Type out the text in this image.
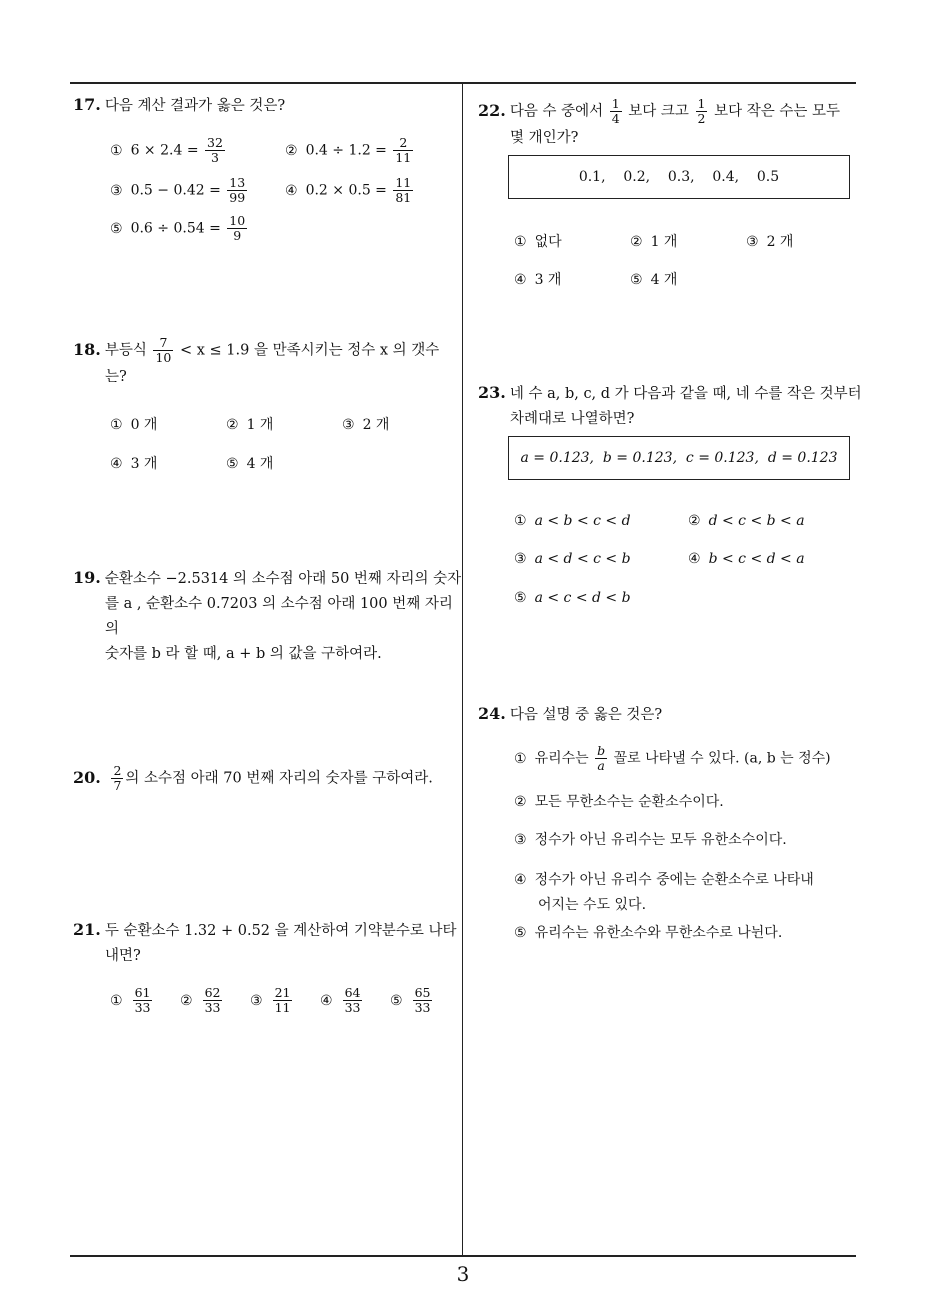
17. 다음 계산 결과가 옳은 것은?
① $6 \times 2.4 = \frac{32}{3}$	② $0.4 \div 1.2 = \frac{2}{11}$
③ $0.5 - 0.42 = \frac{13}{99}$	④ $0.2 \times 0.5 = \frac{11}{81}$
⑤ $0.6 \div 0.54 = \frac{10}{9}$
18. 부등식 $\frac{7}{10} < x \le 1.9$ 을 만족시키는 정수 x 의 갯수
는?
① 0 개	② 1 개	③ 2 개
④ 3 개	⑤ 4 개
19. 순환소수 −2.5314 의 소수점 아래 50 번째 자리의 숫자
를 a , 순환소수 0.7203 의 소수점 아래 100 번째 자리의
숫자를 b 라 할 때, a + b 의 값을 구하여라.
20. $\frac{2}{7}$ 의 소수점 아래 70 번째 자리의 숫자를 구하여라.
21. 두 순환소수 1.32 + 0.52 을 계산하여 기약분수로 나타
내면?
① $\frac{61}{33}$ ② $\frac{62}{33}$ ③ $\frac{21}{11}$ ④ $\frac{64}{33}$ ⑤ $\frac{65}{33}$
22. 다음 수 중에서 $\frac{1}{4}$ 보다 크고 $\frac{1}{2}$ 보다 작은 수는 모두
몇 개인가?
0.1,    0.2,    0.3,    0.4,    0.5
① 없다	② 1 개	③ 2 개
④ 3 개	⑤ 4 개
23. 네 수 a, b, c, d 가 다음과 같을 때, 네 수를 작은 것부터
차례대로 나열하면?
a = 0.123,  b = 0.123,  c = 0.123,  d = 0.123
① a < b < c < d	② d < c < b < a
③ a < d < c < b	④ b < c < d < a
⑤ a < c < d < b
24. 다음 설명 중 옳은 것은?
① 유리수는 $\frac{b}{a}$ 꼴로 나타낼 수 있다. (a, b 는 정수)
② 모든 무한소수는 순환소수이다.
③ 정수가 아닌 유리수는 모두 유한소수이다.
④ 정수가 아닌 유리수 중에는 순환소수로 나타내
어지는 수도 있다.
⑤ 유리수는 유한소수와 무한소수로 나뉜다.
3
